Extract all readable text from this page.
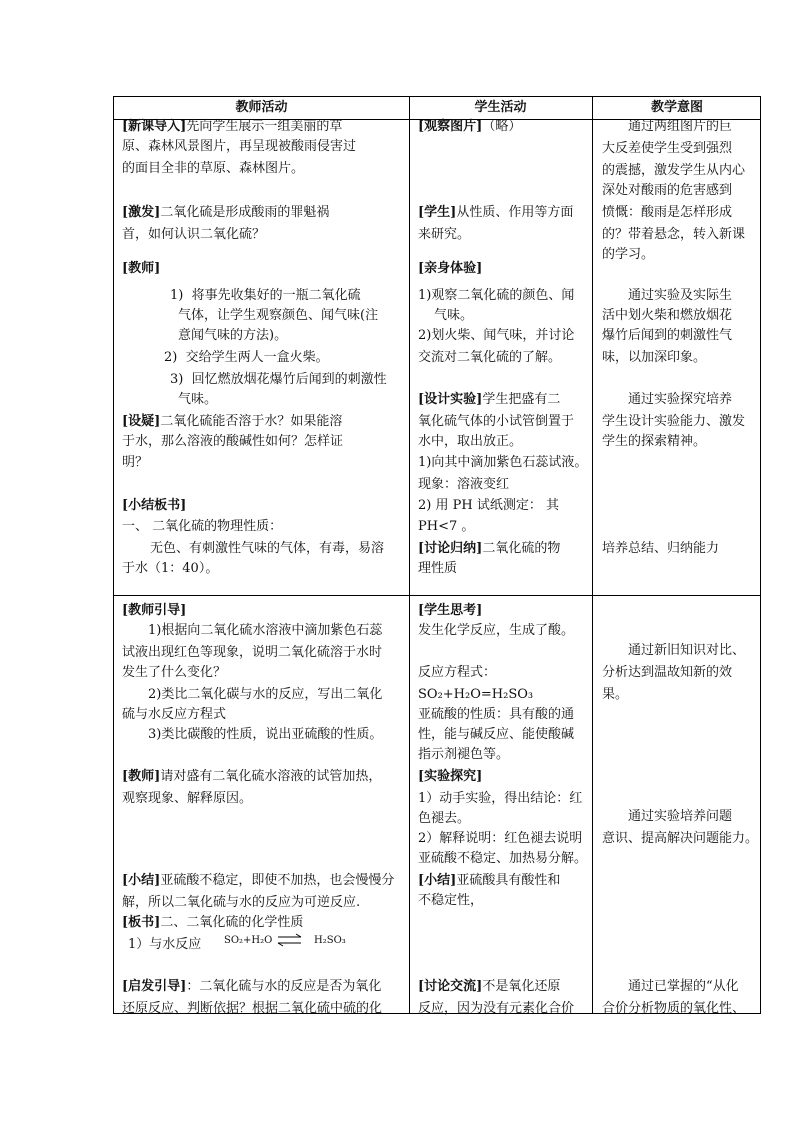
教师活动	学生活动	教学意图
[新课导入]先向学生展示一组美丽的草
原、森林风景图片，再呈现被酸雨侵害过
的面目全非的草原、森林图片。
[激发]二氧化硫是形成酸雨的罪魁祸
首，如何认识二氧化硫？
[教师]
1)  将事先收集好的一瓶二氧化硫
气体，让学生观察颜色、闻气味(注
意闻气味的方法)。
2)  交给学生两人一盒火柴。
3)  回忆燃放烟花爆竹后闻到的刺激性
气味。
[设疑]二氧化硫能否溶于水？如果能溶
于水，那么溶液的酸碱性如何？怎样证
明？
[小结板书]
一、 二氧化硫的物理性质：
无色、有刺激性气味的气体，有毒，易溶
于水（1：40）。
[观察图片]（略）
[学生]从性质、作用等方面
来研究。
[亲身体验]
1)观察二氧化硫的颜色、闻
气味。
2)划火柴、闻气味，并讨论
交流对二氧化硫的了解。
[设计实验]学生把盛有二
氧化硫气体的小试管倒置于
水中，取出放正。
1)向其中滴加紫色石蕊试液。
现象：溶液变红
2) 用 PH 试纸测定： 其
PH<7 。
[讨论归纳]二氧化硫的物
理性质
通过两组图片的巨
大反差使学生受到强烈
的震撼，激发学生从内心
深处对酸雨的危害感到
愤慨：酸雨是怎样形成
的？带着悬念，转入新课
的学习。
通过实验及实际生
活中划火柴和燃放烟花
爆竹后闻到的刺激性气
味，以加深印象。
通过实验探究培养
学生设计实验能力、激发
学生的探索精神。
培养总结、归纳能力
[教师引导]
1)根据向二氧化硫水溶液中滴加紫色石蕊
试液出现红色等现象，说明二氧化硫溶于水时
发生了什么变化？
2)类比二氧化碳与水的反应，写出二氧化
硫与水反应方程式
3)类比碳酸的性质，说出亚硫酸的性质。
[教师]请对盛有二氧化硫水溶液的试管加热，
观察现象、解释原因。
[小结]亚硫酸不稳定，即使不加热，也会慢慢分
解，所以二氧化硫与水的反应为可逆反应.
[板书]二、二氧化硫的化学性质
1）与水反应
[启发引导]：二氧化硫与水的反应是否为氧化
还原反应、判断依据？根据二氧化硫中硫的化
[学生思考]
发生化学反应，生成了酸。
反应方程式：
SO₂+H₂O=H₂SO₃
亚硫酸的性质：具有酸的通
性，能与碱反应、能使酸碱
指示剂褪色等。
[实验探究]
1）动手实验，得出结论：红
色褪去。
2）解释说明：红色褪去说明
亚硫酸不稳定、加热易分解。
[小结]亚硫酸具有酸性和
不稳定性，
[讨论交流]不是氧化还原
反应，因为没有元素化合价
通过新旧知识对比、
分析达到温故知新的效
果。
通过实验培养问题
意识、提高解决问题能力。
通过已掌握的“从化
合价分析物质的氧化性、
SO₂+H₂O ⇌ H₂SO₃
